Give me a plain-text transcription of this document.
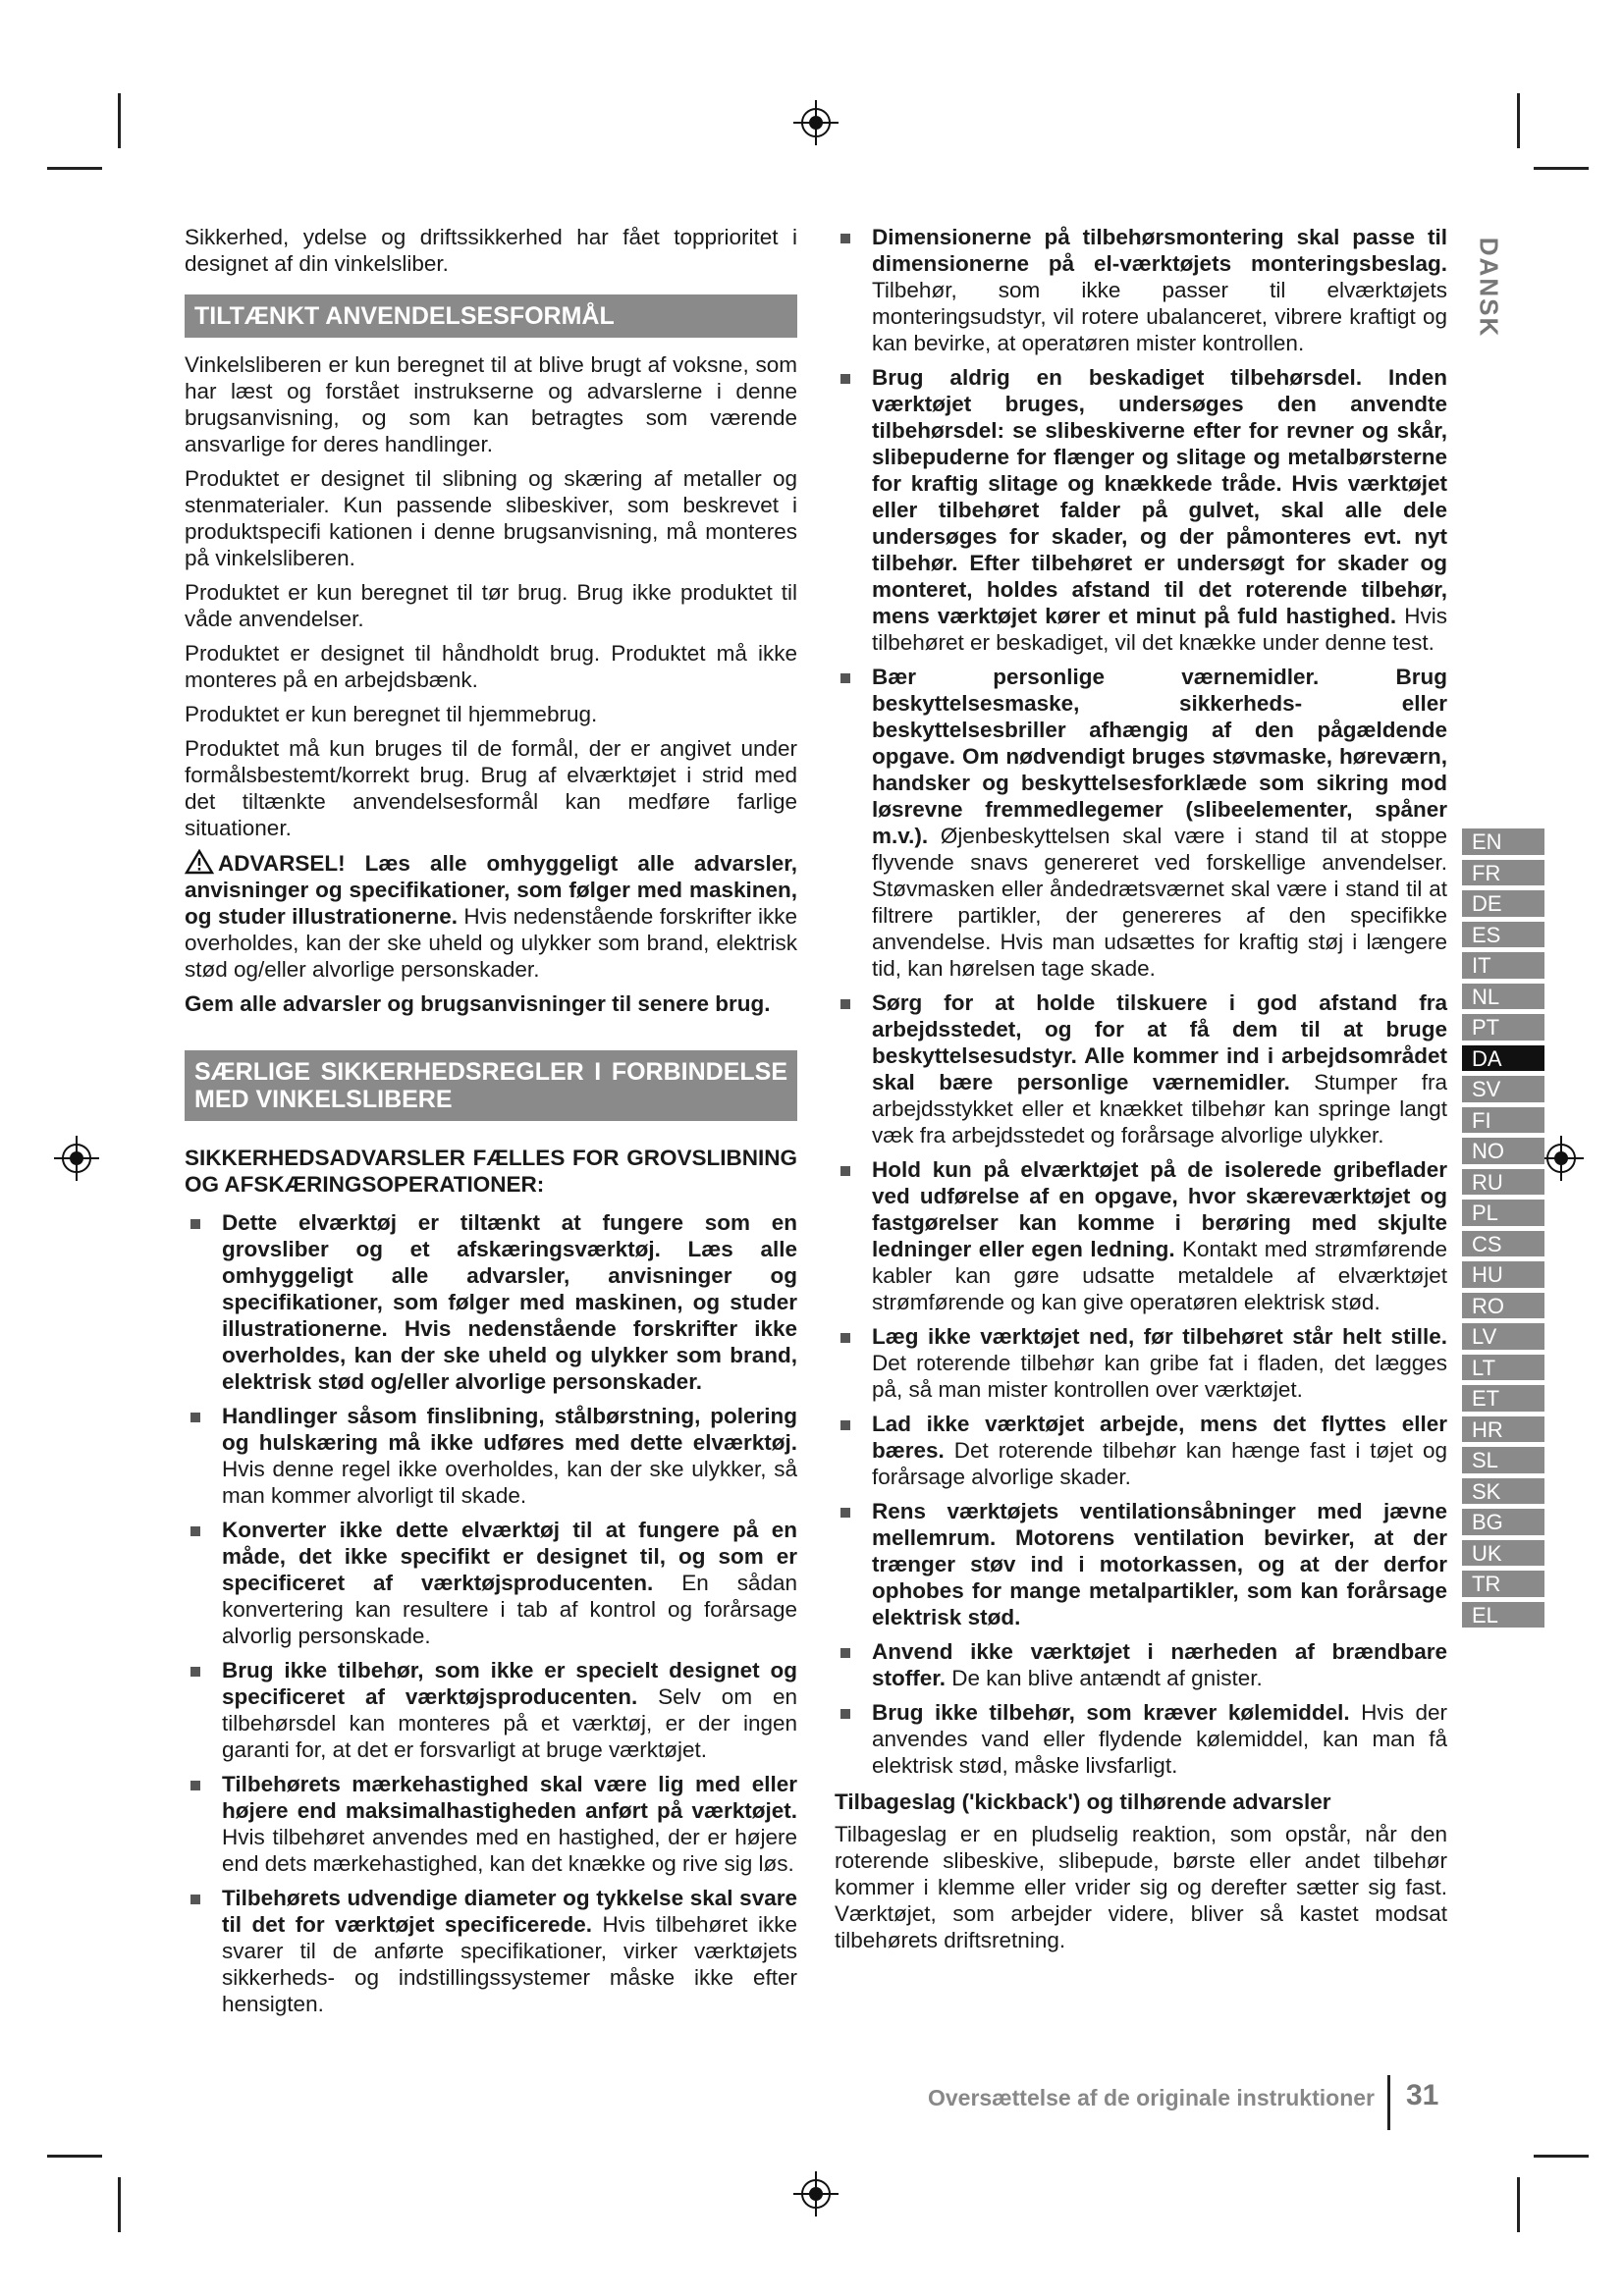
Sikkerhed, ydelse og driftssikkerhed har fået topprioritet i designet af din vinkelsliber.

TILTÆNKT ANVENDELSESFORMÅL

Vinkelsliberen er kun beregnet til at blive brugt af voksne, som har læst og forstået instrukserne og advarslerne i denne brugsanvisning, og som kan betragtes som værende ansvarlige for deres handlinger.

Produktet er designet til slibning og skæring af metaller og stenmaterialer. Kun passende slibeskiver, som beskrevet i produktspecifi kationen i denne brugsanvisning, må monteres på vinkelsliberen.

Produktet er kun beregnet til tør brug. Brug ikke produktet til våde anvendelser.

Produktet er designet til håndholdt brug. Produktet må ikke monteres på en arbejdsbænk.

Produktet er kun beregnet til hjemmebrug.

Produktet må kun bruges til de formål, der er angivet under formålsbestemt/korrekt brug. Brug af elværktøjet i strid med det tiltænkte anvendelsesformål kan medføre farlige situationer.

ADVARSEL! Læs alle omhyggeligt alle advarsler, anvisninger og specifikationer, som følger med maskinen, og studer illustrationerne. Hvis nedenstående forskrifter ikke overholdes, kan der ske uheld og ulykker som brand, elektrisk stød og/eller alvorlige personskader.

Gem alle advarsler og brugsanvisninger til senere brug.

SÆRLIGE SIKKERHEDSREGLER I FORBINDELSE MED VINKELSLIBERE

SIKKERHEDSADVARSLER FÆLLES FOR GROVSLIBNING OG AFSKÆRINGSOPERATIONER:

Dette elværktøj er tiltænkt at fungere som en grovsliber og et afskæringsværktøj. Læs alle omhyggeligt alle advarsler, anvisninger og specifikationer, som følger med maskinen, og studer illustrationerne. Hvis nedenstående forskrifter ikke overholdes, kan der ske uheld og ulykker som brand, elektrisk stød og/eller alvorlige personskader.
Handlinger såsom finslibning, stålbørstning, polering og hulskæring må ikke udføres med dette elværktøj. Hvis denne regel ikke overholdes, kan der ske ulykker, så man kommer alvorligt til skade.
Konverter ikke dette elværktøj til at fungere på en måde, det ikke specifikt er designet til, og som er specificeret af værktøjsproducenten. En sådan konvertering kan resultere i tab af kontrol og forårsage alvorlig personskade.
Brug ikke tilbehør, som ikke er specielt designet og specificeret af værktøjsproducenten. Selv om en tilbehørsdel kan monteres på et værktøj, er der ingen garanti for, at det er forsvarligt at bruge værktøjet.
Tilbehørets mærkehastighed skal være lig med eller højere end maksimalhastigheden anført på værktøjet. Hvis tilbehøret anvendes med en hastighed, der er højere end dets mærkehastighed, kan det knække og rive sig løs.
Tilbehørets udvendige diameter og tykkelse skal svare til det for værktøjet specificerede. Hvis tilbehøret ikke svarer til de anførte specifikationer, virker værktøjets sikkerheds- og indstillingssystemer måske ikke efter hensigten.
Dimensionerne på tilbehørsmontering skal passe til dimensionerne på el-værktøjets monteringsbeslag. Tilbehør, som ikke passer til elværktøjets monteringsudstyr, vil rotere ubalanceret, vibrere kraftigt og kan bevirke, at operatøren mister kontrollen.
Brug aldrig en beskadiget tilbehørsdel. Inden værktøjet bruges, undersøges den anvendte tilbehørsdel: se slibeskiverne efter for revner og skår, slibepuderne for flænger og slitage og metalbørsterne for kraftig slitage og knækkede tråde. Hvis værktøjet eller tilbehøret falder på gulvet, skal alle dele undersøges for skader, og der påmonteres evt. nyt tilbehør. Efter tilbehøret er undersøgt for skader og monteret, holdes afstand til det roterende tilbehør, mens værktøjet kører et minut på fuld hastighed. Hvis tilbehøret er beskadiget, vil det knække under denne test.
Bær personlige værnemidler. Brug beskyttelsesmaske, sikkerheds- eller beskyttelsesbriller afhængig af den pågældende opgave. Om nødvendigt bruges støvmaske, høreværn, handsker og beskyttelsesforklæde som sikring mod løsrevne fremmedlegemer (slibeelementer, spåner m.v.). Øjenbeskyttelsen skal være i stand til at stoppe flyvende snavs genereret ved forskellige anvendelser. Støvmasken eller åndedrætsværnet skal være i stand til at filtrere partikler, der genereres af den specifikke anvendelse. Hvis man udsættes for kraftig støj i længere tid, kan hørelsen tage skade.
Sørg for at holde tilskuere i god afstand fra arbejdsstedet, og for at få dem til at bruge beskyttelsesudstyr. Alle kommer ind i arbejdsområdet skal bære personlige værnemidler. Stumper fra arbejdsstykket eller et knækket tilbehør kan springe langt væk fra arbejdsstedet og forårsage alvorlige ulykker.
Hold kun på elværktøjet på de isolerede gribeflader ved udførelse af en opgave, hvor skæreværktøjet og fastgørelser kan komme i berøring med skjulte ledninger eller egen ledning. Kontakt med strømførende kabler kan gøre udsatte metaldele af elværktøjet strømførende og kan give operatøren elektrisk stød.
Læg ikke værktøjet ned, før tilbehøret står helt stille. Det roterende tilbehør kan gribe fat i fladen, det lægges på, så man mister kontrollen over værktøjet.
Lad ikke værktøjet arbejde, mens det flyttes eller bæres. Det roterende tilbehør kan hænge fast i tøjet og forårsage alvorlige skader.
Rens værktøjets ventilationsåbninger med jævne mellemrum. Motorens ventilation bevirker, at der trænger støv ind i motorkassen, og at der derfor ophobes for mange metalpartikler, som kan forårsage elektrisk stød.
Anvend ikke værktøjet i nærheden af brændbare stoffer. De kan blive antændt af gnister.
Brug ikke tilbehør, som kræver kølemiddel. Hvis der anvendes vand eller flydende kølemiddel, kan man få elektrisk stød, måske livsfarligt.

Tilbageslag ('kickback') og tilhørende advarsler

Tilbageslag er en pludselig reaktion, som opstår, når den roterende slibeskive, slibepude, børste eller andet tilbehør kommer i klemme eller vrider sig og derefter sætter sig fast. Værktøjet, som arbejder videre, bliver så kastet modsat tilbehørets driftsretning.

DANSK
EN
FR
DE
ES
IT
NL
PT
DA
SV
FI
NO
RU
PL
CS
HU
RO
LV
LT
ET
HR
SL
SK
BG
UK
TR
EL
Oversættelse af de originale instruktioner 31
